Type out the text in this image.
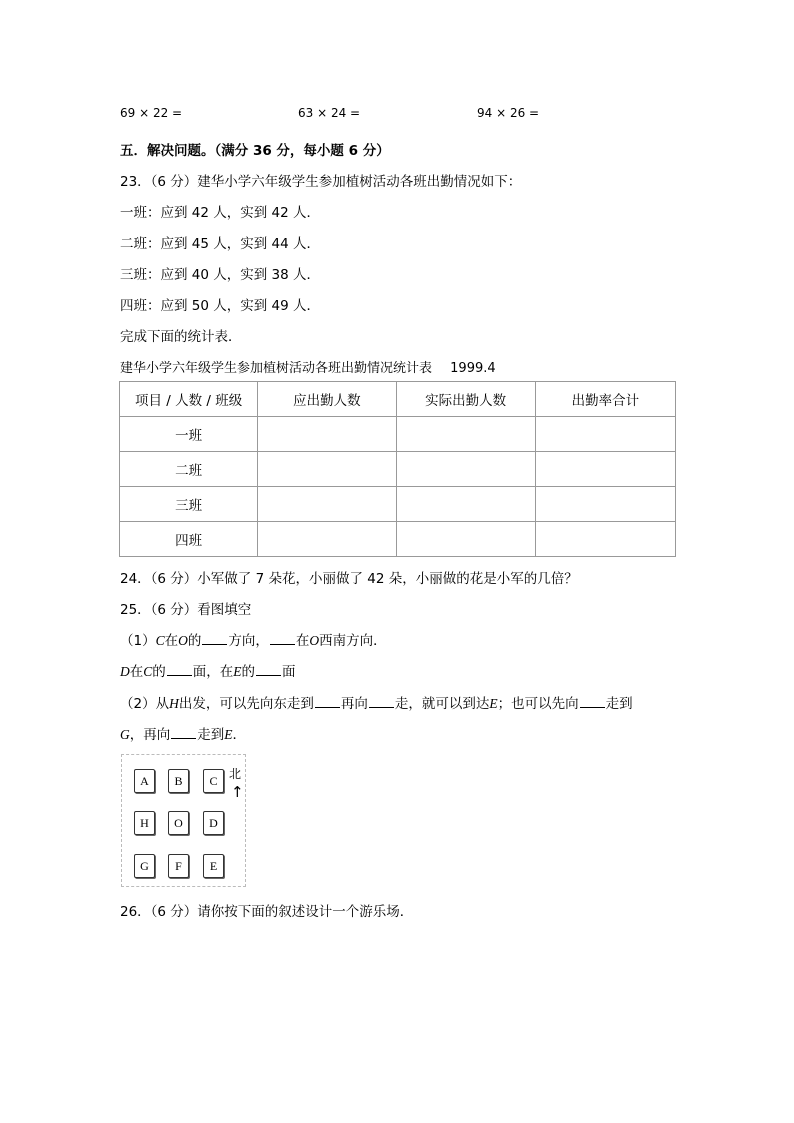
69 × 22 =	63 × 24 =	94 × 26 =
五．解决问题。（满分 36 分，每小题 6 分）
23．（6 分）建华小学六年级学生参加植树活动各班出勤情况如下：
一班：应到 42 人，实到 42 人．
二班：应到 45 人，实到 44 人．
三班：应到 40 人，实到 38 人．
四班：应到 50 人，实到 49 人．
完成下面的统计表．
建华小学六年级学生参加植树活动各班出勤情况统计表 1999.4
项目 / 人数 / 班级	应出勤人数	实际出勤人数	出勤率合计
一班			
二班			
三班			
四班			
24．（6 分）小军做了 7 朵花，小丽做了 42 朵，小丽做的花是小军的几倍？
25．（6 分）看图填空
（1）C在O的 方向， 在O西南方向．
D在C的 面，在E的 面
（2）从H出发，可以先向东走到 再向 走，就可以到达E；也可以先向 走到
G，再向 走到E．
A	B	C
H	O	D
G	F	E
北
↑
26．（6 分）请你按下面的叙述设计一个游乐场．
